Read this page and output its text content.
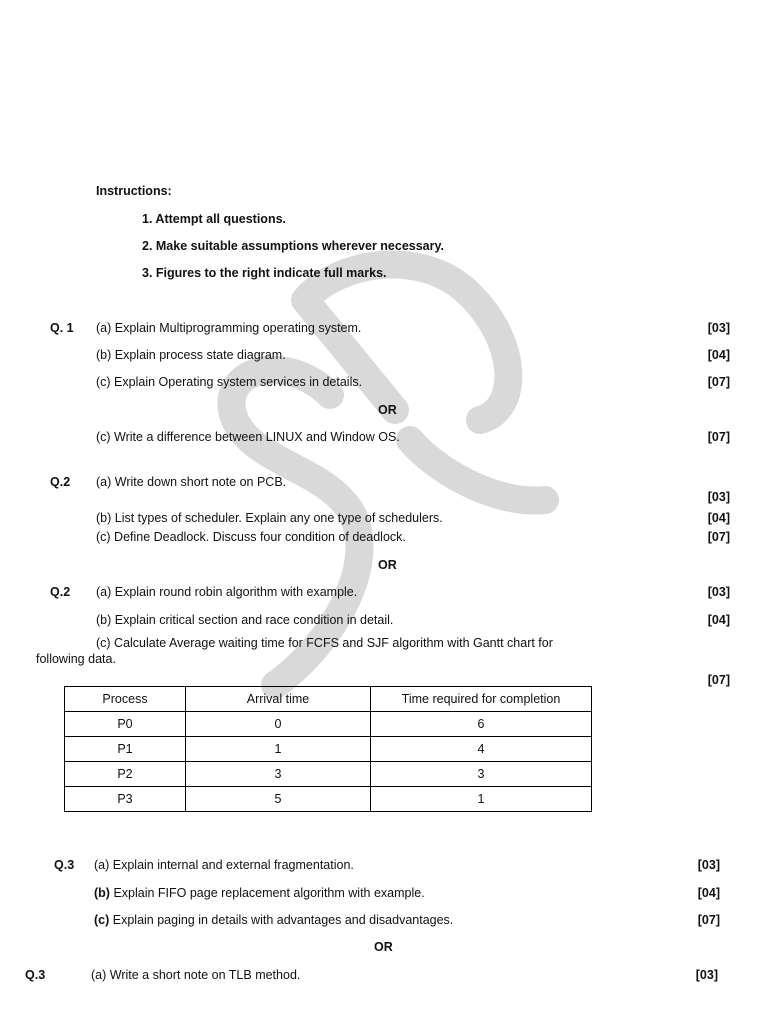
Instructions:
1. Attempt all questions.
2. Make suitable assumptions wherever necessary.
3. Figures to the right indicate full marks.
Q. 1 (a) Explain Multiprogramming operating system.	[03]
(b) Explain process state diagram.	[04]
(c) Explain Operating system services in details.	[07]
OR
(c) Write a difference between LINUX and Window OS.	[07]
Q.2 (a) Write down short note on PCB.
[03]
(b) List types of scheduler. Explain any one type of schedulers.	[04]
(c) Define Deadlock. Discuss four condition of deadlock.	[07]
OR
Q.2 (a) Explain round robin algorithm with example.	[03]
(b) Explain critical section and race condition in detail.	[04]
(c) Calculate Average waiting time for FCFS and SJF algorithm with Gantt chart for
following data.
[07]
Process	Arrival time	Time required for completion
P0	0	6
P1	1	4
P2	3	3
P3	5	1
Q.3 (a) Explain internal and external fragmentation.	[03]
(b) Explain FIFO page replacement algorithm with example.	[04]
(c) Explain paging in details with advantages and disadvantages.	[07]
OR
Q.3	(a) Write a short note on TLB method.	[03]
